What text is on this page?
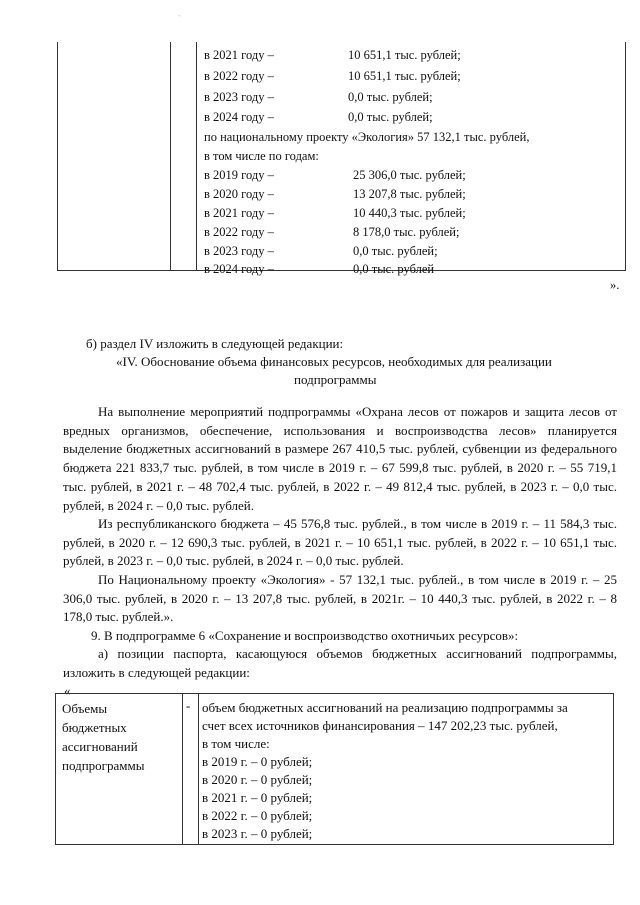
`
в 2021 году –	10 651,1 тыс. рублей;
в 2022 году –	10 651,1 тыс. рублей;
в 2023 году –	0,0 тыс. рублей;
в 2024 году –	0,0 тыс. рублей;
по национальному проекту «Экология» 57 132,1 тыс. рублей,
в том числе по годам:
в 2019 году –	25 306,0 тыс. рублей;
в 2020 году –	13 207,8 тыс. рублей;
в 2021 году –	10 440,3 тыс. рублей;
в 2022 году –	8 178,0 тыс. рублей;
в 2023 году –	0,0 тыс. рублей;
в 2024 году –	0,0 тыс. рублей
».
б) раздел IV изложить в следующей редакции:
«IV. Обоснование объема финансовых ресурсов, необходимых для реализации
подпрограммы
На выполнение мероприятий подпрограммы «Охрана лесов от пожаров и защита лесов от вредных организмов, обеспечение, использования и воспроизводства лесов» планируется выделение бюджетных ассигнований в размере 267 410,5 тыс. рублей, субвенции из федерального бюджета 221 833,7 тыс. рублей, в том числе в 2019 г. – 67 599,8 тыс. рублей, в 2020 г. – 55 719,1 тыс. рублей, в 2021 г. – 48 702,4 тыс. рублей, в 2022 г. – 49 812,4 тыс. рублей, в 2023 г. – 0,0 тыс. рублей, в 2024 г. – 0,0 тыс. рублей.
Из республиканского бюджета – 45 576,8 тыс. рублей., в том числе в 2019 г. – 11 584,3 тыс. рублей, в 2020 г. – 12 690,3 тыс. рублей, в 2021 г. – 10 651,1 тыс. рублей, в 2022 г. – 10 651,1 тыс. рублей, в 2023 г. – 0,0 тыс. рублей, в 2024 г. – 0,0 тыс. рублей.
По Национальному проекту «Экология» - 57 132,1 тыс. рублей., в том числе в 2019 г. – 25 306,0 тыс. рублей, в 2020 г. – 13 207,8 тыс. рублей, в 2021г. – 10 440,3 тыс. рублей, в 2022 г. – 8 178,0 тыс. рублей.».
9. В подпрограмме 6 «Сохранение и воспроизводство охотничьих ресурсов»:
а) позиции паспорта, касающуюся объемов бюджетных ассигнований подпрограммы, изложить в следующей редакции:
«
Объемы
бюджетных
ассигнований
подпрограммы
- объем бюджетных ассигнований на реализацию подпрограммы за
счет всех источников финансирования – 147 202,23 тыс. рублей,
в том числе:
в 2019 г. – 0 рублей;
в 2020 г. – 0 рублей;
в 2021 г. – 0 рублей;
в 2022 г. – 0 рублей;
в 2023 г. – 0 рублей;
